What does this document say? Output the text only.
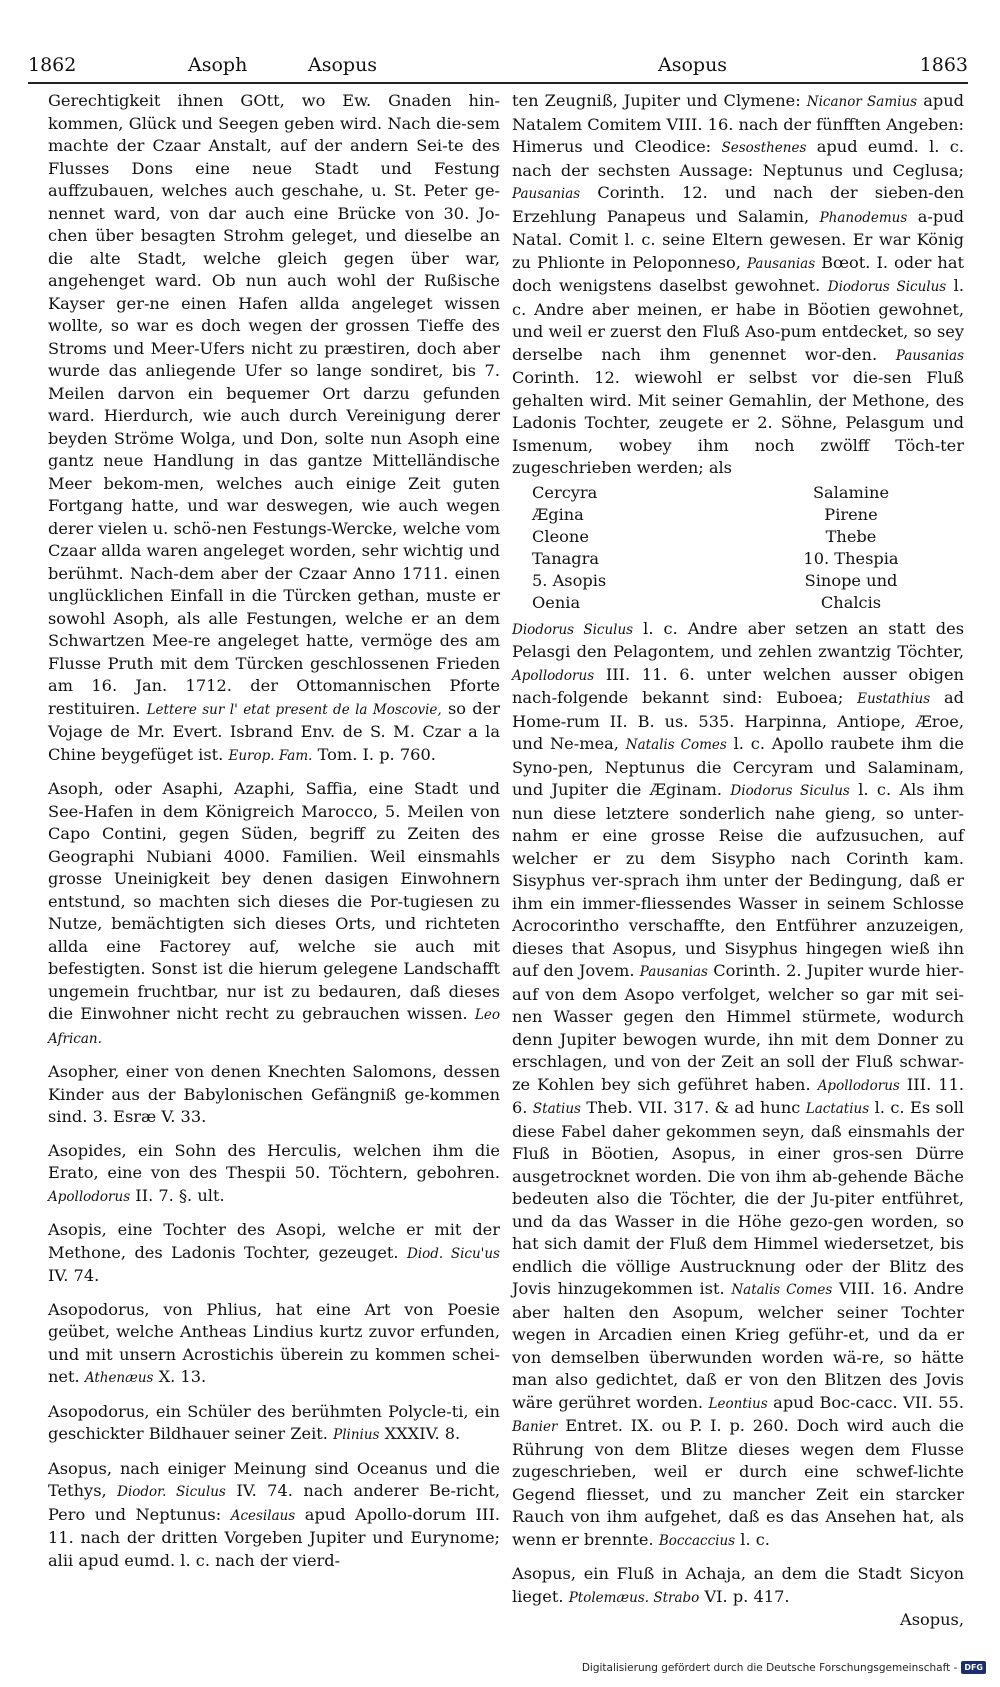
1862	Asoph	Asopus	Asopus	1863

Gerechtigkeit ihnen GOtt, wo Ew. Gnaden hin-kommen, Glück und Seegen geben wird. Nach die-sem machte der Czaar Anstalt, auf der andern Sei-te des Flusses Dons eine neue Stadt und Festung auffzubauen, welches auch geschahe, u. St. Peter ge-nennet ward, von dar auch eine Brücke von 30. Jo-chen über besagten Strohm geleget, und dieselbe an die alte Stadt, welche gleich gegen über war, angehenget ward. Ob nun auch wohl der Rußische Kayser ger-ne einen Hafen allda angeleget wissen wollte, so war es doch wegen der grossen Tieffe des Stroms und Meer-Ufers nicht zu præstiren, doch aber wurde das anliegende Ufer so lange sondiret, bis 7. Meilen darvon ein bequemer Ort darzu gefunden ward. Hierdurch, wie auch durch Vereinigung derer beyden Ströme Wolga, und Don, solte nun Asoph eine gantz neue Handlung in das gantze Mittelländische Meer bekom-men, welches auch einige Zeit guten Fortgang hatte, und war deswegen, wie auch wegen derer vielen u. schö-nen Festungs-Wercke, welche vom Czaar allda waren angeleget worden, sehr wichtig und berühmt. Nach-dem aber der Czaar Anno 1711. einen unglücklichen Einfall in die Türcken gethan, muste er sowohl Asoph, als alle Festungen, welche er an dem Schwartzen Mee-re angeleget hatte, vermöge des am Flusse Pruth mit dem Türcken geschlossenen Frieden am 16. Jan. 1712. der Ottomannischen Pforte restituiren. Lettere sur l' etat present de la Moscovie, so der Vojage de Mr. Evert. Isbrand Env. de S. M. Czar a la Chine beygefüget ist. Europ. Fam. Tom. I. p. 760.

Asoph, oder Asaphi, Azaphi, Saffia, eine Stadt und See-Hafen in dem Königreich Marocco, 5. Meilen von Capo Contini, gegen Süden, begriff zu Zeiten des Geographi Nubiani 4000. Familien. Weil einsmahls grosse Uneinigkeit bey denen dasigen Einwohnern entstund, so machten sich dieses die Por-tugiesen zu Nutze, bemächtigten sich dieses Orts, und richteten allda eine Factorey auf, welche sie auch mit befestigten. Sonst ist die hierum gelegene Landschafft ungemein fruchtbar, nur ist zu bedauren, daß dieses die Einwohner nicht recht zu gebrauchen wissen. Leo African.

Asopher, einer von denen Knechten Salomons, dessen Kinder aus der Babylonischen Gefängniß ge-kommen sind. 3. Esræ V. 33.

Asopides, ein Sohn des Herculis, welchen ihm die Erato, eine von des Thespii 50. Töchtern, gebohren. Apollodorus II. 7. §. ult.

Asopis, eine Tochter des Asopi, welche er mit der Methone, des Ladonis Tochter, gezeuget. Diod. Sicu'us IV. 74.

Asopodorus, von Phlius, hat eine Art von Poesie geübet, welche Antheas Lindius kurtz zuvor erfunden, und mit unsern Acrostichis überein zu kommen schei-net. Athenæus X. 13.

Asopodorus, ein Schüler des berühmten Polycle-ti, ein geschickter Bildhauer seiner Zeit. Plinius XXXIV. 8.

Asopus, nach einiger Meinung sind Oceanus und die Tethys, Diodor. Siculus IV. 74. nach anderer Be-richt, Pero und Neptunus: Acesilaus apud Apollo-dorum III. 11. nach der dritten Vorgeben Jupiter und Eurynome; alii apud eumd. l. c. nach der vierd-

ten Zeugniß, Jupiter und Clymene: Nicanor Samius apud Natalem Comitem VIII. 16. nach der fünfften Angeben: Himerus und Cleodice: Sesosthenes apud eumd. l. c. nach der sechsten Aussage: Neptunus und Ceglusa; Pausanias Corinth. 12. und nach der sieben-den Erzehlung Panapeus und Salamin, Phanodemus a-pud Natal. Comit l. c. seine Eltern gewesen. Er war König zu Phlionte in Peloponneso, Pausanias Bœot. I. oder hat doch wenigstens daselbst gewohnet. Diodorus Siculus l. c. Andre aber meinen, er habe in Böotien gewohnet, und weil er zuerst den Fluß Aso-pum entdecket, so sey derselbe nach ihm genennet wor-den. Pausanias Corinth. 12. wiewohl er selbst vor die-sen Fluß gehalten wird. Mit seiner Gemahlin, der Methone, des Ladonis Tochter, zeugete er 2. Söhne, Pelasgum und Ismenum, wobey ihm noch zwölff Töch-ter zugeschrieben werden; als

Cercyra	Salamine
Ægina	Pirene
Cleone	Thebe
Tanagra	10. Thespia
5. Asopis	Sinope und
Oenia	Chalcis

Diodorus Siculus l. c. Andre aber setzen an statt des Pelasgi den Pelagontem, und zehlen zwantzig Töchter, Apollodorus III. 11. 6. unter welchen ausser obigen nach-folgende bekannt sind: Euboea; Eustathius ad Home-rum II. B. us. 535. Harpinna, Antiope, Æroe, und Ne-mea, Natalis Comes l. c. Apollo raubete ihm die Syno-pen, Neptunus die Cercyram und Salaminam, und Jupiter die Æginam. Diodorus Siculus l. c. Als ihm nun diese letztere sonderlich nahe gieng, so unter-nahm er eine grosse Reise die aufzusuchen, auf welcher er zu dem Sisypho nach Corinth kam. Sisyphus ver-sprach ihm unter der Bedingung, daß er ihm ein immer-fliessendes Wasser in seinem Schlosse Acrocorintho verschaffte, den Entführer anzuzeigen, dieses that Asopus, und Sisyphus hingegen wieß ihn auf den Jovem. Pausanias Corinth. 2. Jupiter wurde hier-auf von dem Asopo verfolget, welcher so gar mit sei-nen Wasser gegen den Himmel stürmete, wodurch denn Jupiter bewogen wurde, ihn mit dem Donner zu erschlagen, und von der Zeit an soll der Fluß schwar-ze Kohlen bey sich geführet haben. Apollodorus III. 11. 6. Statius Theb. VII. 317. & ad hunc Lactatius l. c. Es soll diese Fabel daher gekommen seyn, daß einsmahls der Fluß in Böotien, Asopus, in einer gros-sen Dürre ausgetrocknet worden. Die von ihm ab-gehende Bäche bedeuten also die Töchter, die der Ju-piter entführet, und da das Wasser in die Höhe gezo-gen worden, so hat sich damit der Fluß dem Himmel wiedersetzet, bis endlich die völlige Austrucknung oder der Blitz des Jovis hinzugekommen ist. Natalis Comes VIII. 16. Andre aber halten den Asopum, welcher seiner Tochter wegen in Arcadien einen Krieg geführ-et, und da er von demselben überwunden worden wä-re, so hätte man also gedichtet, daß er von den Blitzen des Jovis wäre gerühret worden. Leontius apud Boc-cacc. VII. 55. Banier Entret. IX. ou P. I. p. 260. Doch wird auch die Rührung von dem Blitze dieses wegen dem Flusse zugeschrieben, weil er durch eine schwef-lichte Gegend fliesset, und zu mancher Zeit ein starcker Rauch von ihm aufgehet, daß es das Ansehen hat, als wenn er brennte. Boccaccius l. c.

Asopus, ein Fluß in Achaja, an dem die Stadt Sicyon lieget. Ptolemæus. Strabo VI. p. 417.

Asopus,

Digitalisierung gefördert durch die Deutsche Forschungsgemeinschaft - DFG
